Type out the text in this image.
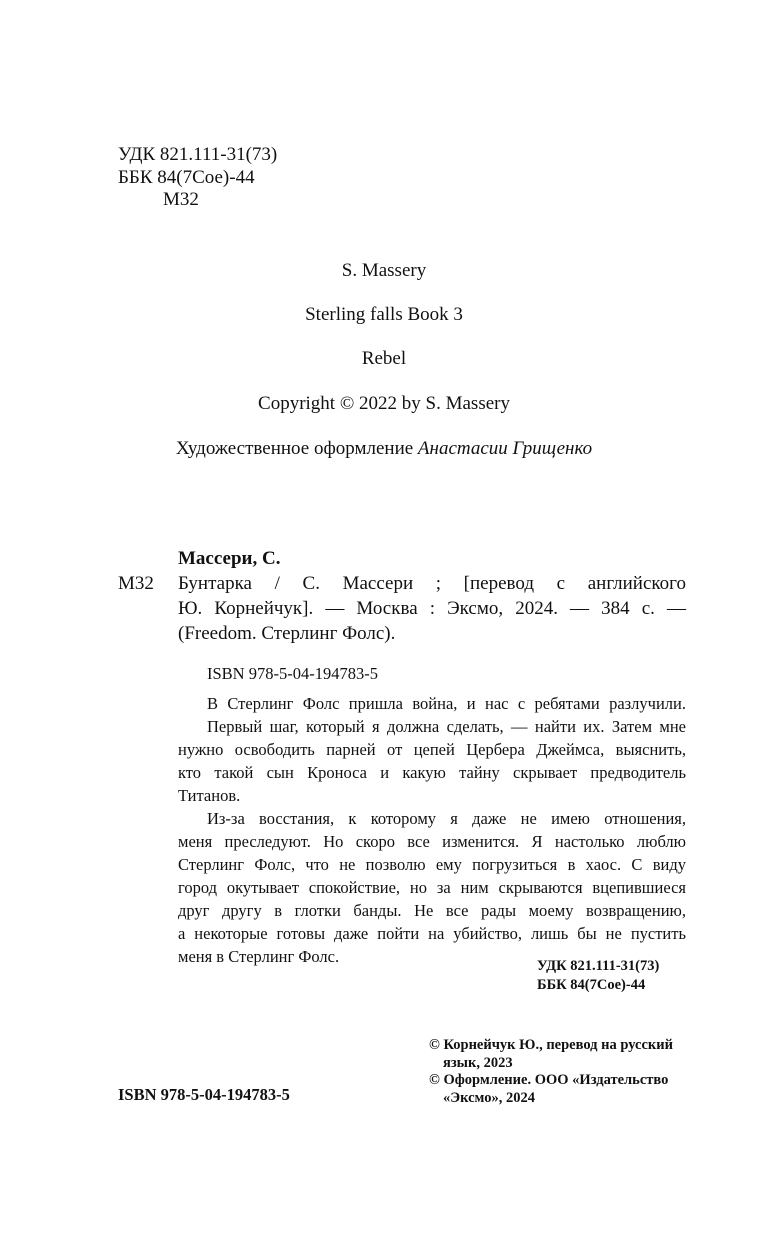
УДК 821.111-31(73)
ББК 84(7Сое)-44
М32
S. Massery
Sterling falls Book 3
Rebel
Copyright © 2022 by S. Massery
Художественное оформление Анастасии Грищенко
Массери, С.
М32 Бунтарка / С. Массери ; [перевод с английского
Ю. Корнейчук]. — Москва : Эксмо, 2024. — 384 с. —
(Freedom. Стерлинг Фолс).
ISBN 978-5-04-194783-5
В Стерлинг Фолс пришла война, и нас с ребятами разлучили.
Первый шаг, который я должна сделать, — найти их. Затем мне
нужно освободить парней от цепей Цербера Джеймса, выяснить,
кто такой сын Кроноса и какую тайну скрывает предводитель
Титанов.
Из-за восстания, к которому я даже не имею отношения,
меня преследуют. Но скоро все изменится. Я настолько люблю
Стерлинг Фолс, что не позволю ему погрузиться в хаос. С виду
город окутывает спокойствие, но за ним скрываются вцепившиеся
друг другу в глотки банды. Не все рады моему возвращению,
а некоторые готовы даже пойти на убийство, лишь бы не пустить
меня в Стерлинг Фолс.	УДК 821.111-31(73)
ББК 84(7Сое)-44
© Корнейчук Ю., перевод на русский
язык, 2023
© Оформление. ООО «Издательство
«Эксмо», 2024
ISBN 978-5-04-194783-5
